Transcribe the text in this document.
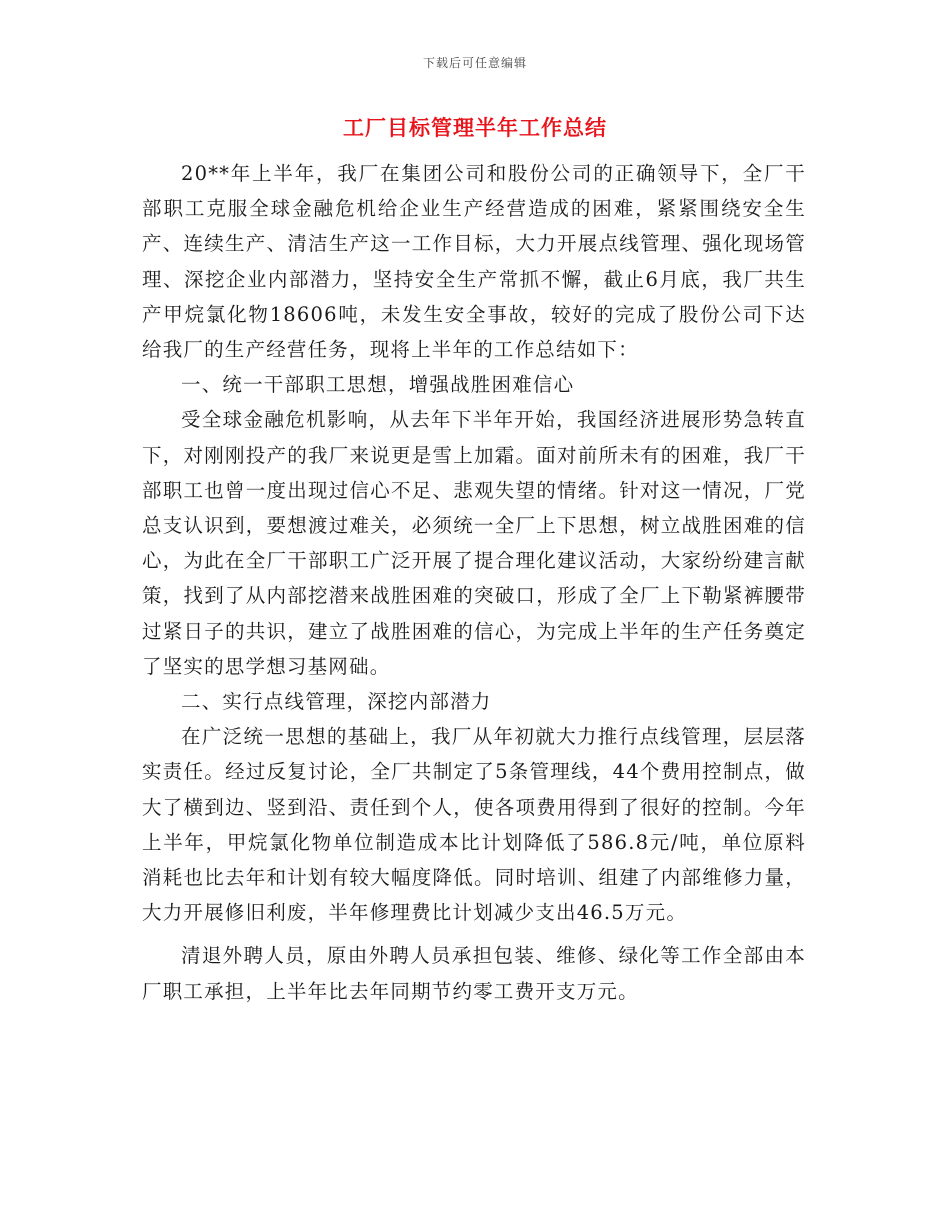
下载后可任意编辑
工厂目标管理半年工作总结

20**年上半年，我厂在集团公司和股份公司的正确领导下，全厂干部职工克服全球金融危机给企业生产经营造成的困难，紧紧围绕安全生产、连续生产、清洁生产这一工作目标，大力开展点线管理、强化现场管理、深挖企业内部潜力，坚持安全生产常抓不懈，截止6月底，我厂共生产甲烷氯化物18606吨，未发生安全事故，较好的完成了股份公司下达给我厂的生产经营任务，现将上半年的工作总结如下：

一、统一干部职工思想，增强战胜困难信心

受全球金融危机影响，从去年下半年开始，我国经济进展形势急转直下，对刚刚投产的我厂来说更是雪上加霜。面对前所未有的困难，我厂干部职工也曾一度出现过信心不足、悲观失望的情绪。针对这一情况，厂党总支认识到，要想渡过难关，必须统一全厂上下思想，树立战胜困难的信心，为此在全厂干部职工广泛开展了提合理化建议活动，大家纷纷建言献策，找到了从内部挖潜来战胜困难的突破口，形成了全厂上下勒紧裤腰带过紧日子的共识，建立了战胜困难的信心，为完成上半年的生产任务奠定了坚实的思学想习基网础。

二、实行点线管理，深挖内部潜力

在广泛统一思想的基础上，我厂从年初就大力推行点线管理，层层落实责任。经过反复讨论，全厂共制定了5条管理线，44个费用控制点，做大了横到边、竖到沿、责任到个人，使各项费用得到了很好的控制。今年上半年，甲烷氯化物单位制造成本比计划降低了586.8元/吨，单位原料消耗也比去年和计划有较大幅度降低。同时培训、组建了内部维修力量，大力开展修旧利废，半年修理费比计划减少支出46.5万元。

清退外聘人员，原由外聘人员承担包装、维修、绿化等工作全部由本厂职工承担，上半年比去年同期节约零工费开支万元。
